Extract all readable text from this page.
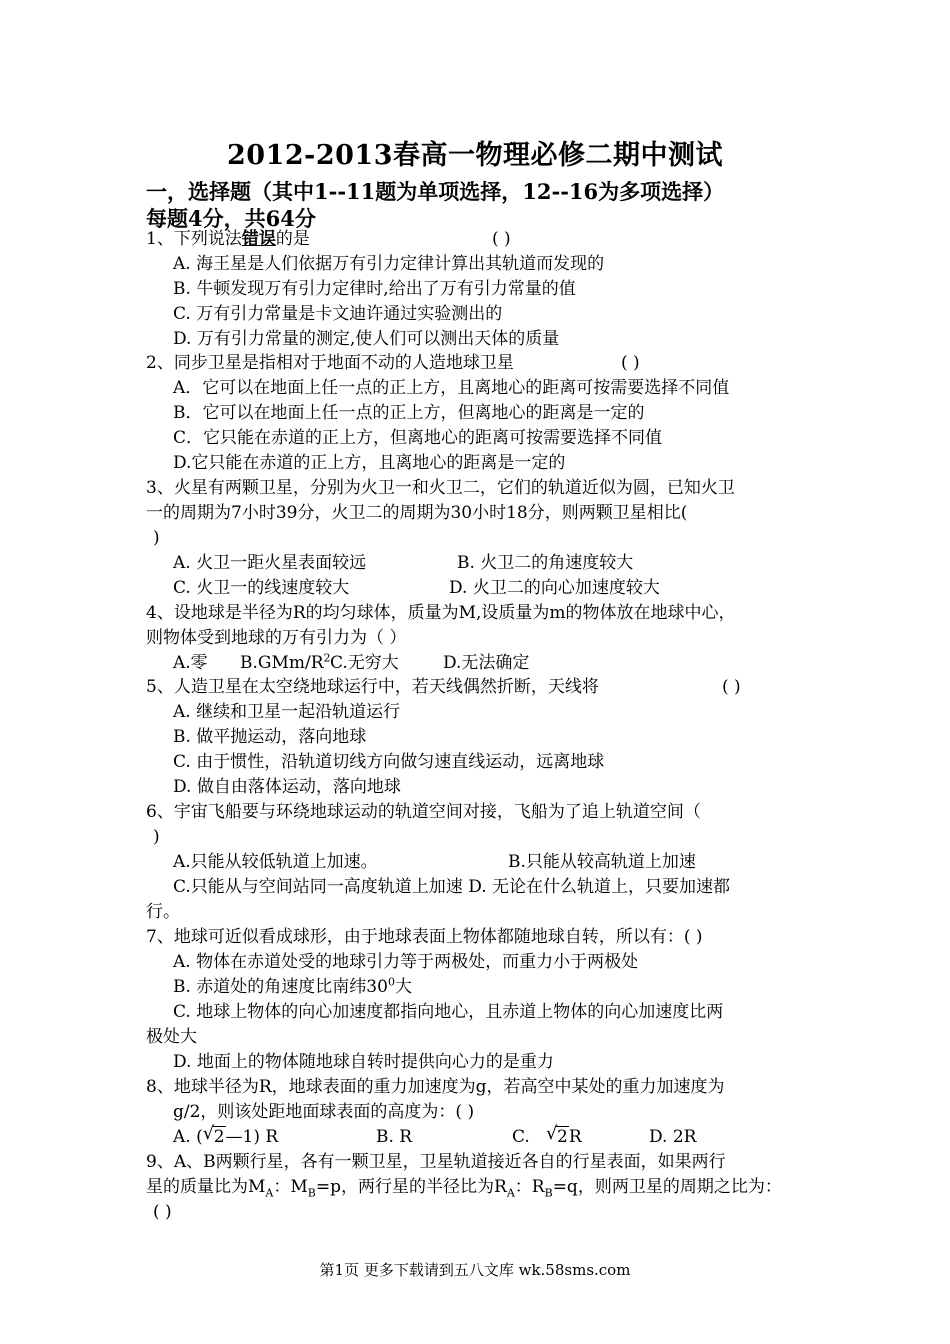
2012-2013春高一物理必修二期中测试
一，选择题（其中1--11题为单项选择，12--16为多项选择）
每题4分，共64分
1、下列说法错误的是	( )
A. 海王星是人们依据万有引力定律计算出其轨道而发现的
B. 牛顿发现万有引力定律时,给出了万有引力常量的值
C. 万有引力常量是卡文迪许通过实验测出的
D. 万有引力常量的测定,使人们可以测出天体的质量
2、同步卫星是指相对于地面不动的人造地球卫星	( )
A．它可以在地面上任一点的正上方，且离地心的距离可按需要选择不同值
B．它可以在地面上任一点的正上方，但离地心的距离是一定的
C．它只能在赤道的正上方，但离地心的距离可按需要选择不同值
D.它只能在赤道的正上方，且离地心的距离是一定的
3、火星有两颗卫星，分别为火卫一和火卫二，它们的轨道近似为圆，已知火卫
一的周期为7小时39分，火卫二的周期为30小时18分，则两颗卫星相比(
)
A. 火卫一距火星表面较远	B. 火卫二的角速度较大
C. 火卫一的线速度较大	D. 火卫二的向心加速度较大
4、设地球是半径为R的均匀球体，质量为M,设质量为m的物体放在地球中心，
则物体受到地球的万有引力为（ ）
A.零 $B.GMm/R^2$ C.无穷大	D.无法确定
5、人造卫星在太空绕地球运行中，若天线偶然折断，天线将	( )
A. 继续和卫星一起沿轨道运行
B. 做平抛运动，落向地球
C. 由于惯性，沿轨道切线方向做匀速直线运动，远离地球
D. 做自由落体运动，落向地球
6、宇宙飞船要与环绕地球运动的轨道空间对接，飞船为了追上轨道空间（
)
A.只能从较低轨道上加速。	B.只能从较高轨道上加速
C.只能从与空间站同一高度轨道上加速 D. 无论在什么轨道上，只要加速都
行。
7、地球可近似看成球形，由于地球表面上物体都随地球自转，所以有：( )
A. 物体在赤道处受的地球引力等于两极处，而重力小于两极处
B. 赤道处的角速度比南纬$30^0$大
C. 地球上物体的向心加速度都指向地心，且赤道上物体的向心加速度比两
极处大
D. 地面上的物体随地球自转时提供向心力的是重力
8、地球半径为R，地球表面的重力加速度为g，若高空中某处的重力加速度为
g/2，则该处距地面球表面的高度为：( )
A. ( √ 2—1) R	B. R	C. √ 2R	D. 2R
9、A、B两颗行星，各有一颗卫星，卫星轨道接近各自的行星表面，如果两行
星的质量比为$M_A$：$M_B=p$，两行星的半径比为$R_A$：$R_B=q$，则两卫星的周期之比为：
( )
第1页 更多下载请到五八文库 wk.58sms.com
